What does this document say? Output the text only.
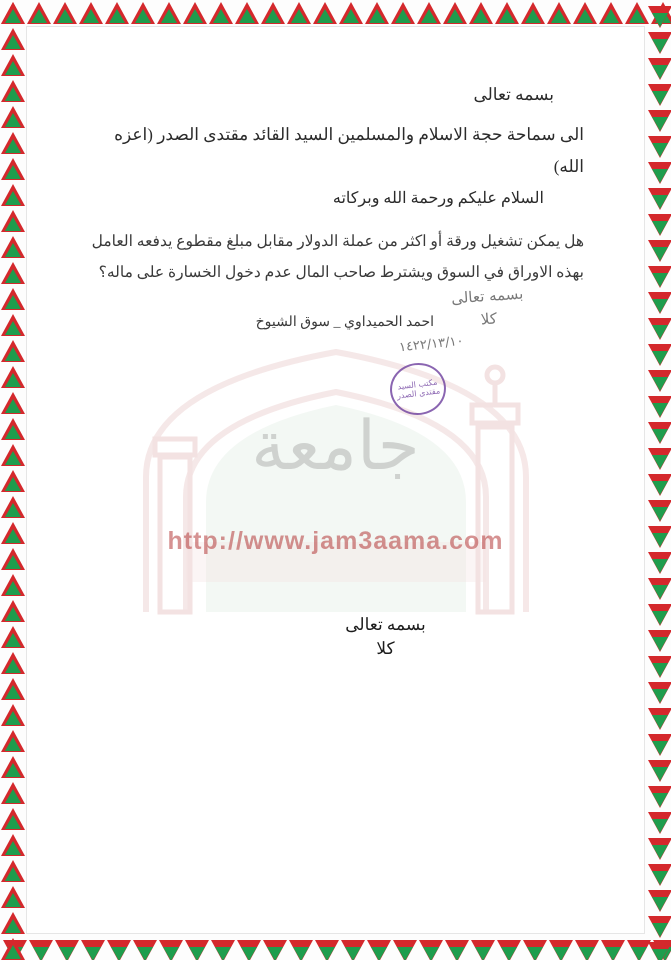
جامعة
http://www.jam3aama.com
بسمه تعالى
الى سماحة حجة الاسلام والمسلمين السيد القائد مقتدى الصدر (اعزه الله)
السلام عليكم ورحمة الله وبركاته
هل يمكن تشغيل ورقة أو اكثر من عملة الدولار مقابل مبلغ مقطوع يدفعه العامل بهذه الاوراق في السوق ويشترط صاحب المال عدم دخول الخسارة على ماله؟
احمد الحميداوي _ سوق الشيوخ
بسمه تعالى
كلا
١٤٢٢/١٣/١٠
مكتب السيد مقتدى الصدر
بسمه تعالى
كلا
